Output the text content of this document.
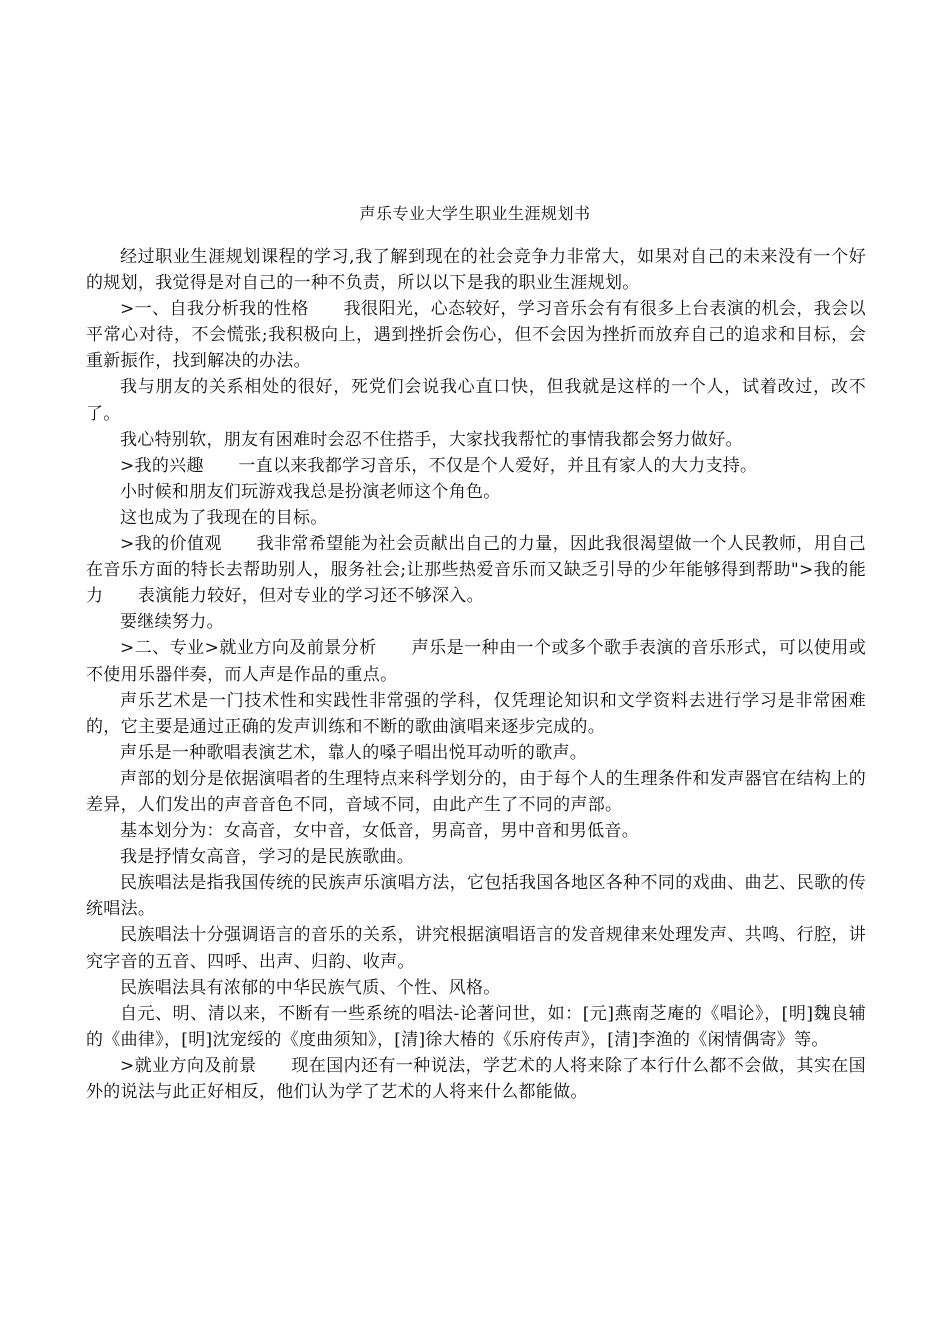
声乐专业大学生职业生涯规划书

经过职业生涯规划课程的学习,我了解到现在的社会竞争力非常大，如果对自己的未来没有一个好的规划，我觉得是对自己的一种不负责，所以以下是我的职业生涯规划。

>一、自我分析我的性格　　我很阳光，心态较好，学习音乐会有有很多上台表演的机会，我会以平常心对待，不会慌张;我积极向上，遇到挫折会伤心，但不会因为挫折而放弃自己的追求和目标，会重新振作，找到解决的办法。

我与朋友的关系相处的很好，死党们会说我心直口快，但我就是这样的一个人，试着改过，改不了。

我心特别软，朋友有困难时会忍不住搭手，大家找我帮忙的事情我都会努力做好。

>我的兴趣　　一直以来我都学习音乐，不仅是个人爱好，并且有家人的大力支持。

小时候和朋友们玩游戏我总是扮演老师这个角色。

这也成为了我现在的目标。

>我的价值观　　我非常希望能为社会贡献出自己的力量，因此我很渴望做一个人民教师，用自己在音乐方面的特长去帮助别人，服务社会;让那些热爱音乐而又缺乏引导的少年能够得到帮助">我的能力　　表演能力较好，但对专业的学习还不够深入。

要继续努力。

>二、专业>就业方向及前景分析　　声乐是一种由一个或多个歌手表演的音乐形式，可以使用或不使用乐器伴奏，而人声是作品的重点。

声乐艺术是一门技术性和实践性非常强的学科，仅凭理论知识和文学资料去进行学习是非常困难的，它主要是通过正确的发声训练和不断的歌曲演唱来逐步完成的。

声乐是一种歌唱表演艺术，靠人的嗓子唱出悦耳动听的歌声。

声部的划分是依据演唱者的生理特点来科学划分的，由于每个人的生理条件和发声器官在结构上的差异，人们发出的声音音色不同，音域不同，由此产生了不同的声部。

基本划分为：女高音，女中音，女低音，男高音，男中音和男低音。

我是抒情女高音，学习的是民族歌曲。

民族唱法是指我国传统的民族声乐演唱方法，它包括我国各地区各种不同的戏曲、曲艺、民歌的传统唱法。

民族唱法十分强调语言的音乐的关系，讲究根据演唱语言的发音规律来处理发声、共鸣、行腔，讲究字音的五音、四呼、出声、归韵、收声。

民族唱法具有浓郁的中华民族气质、个性、风格。

自元、明、清以来，不断有一些系统的唱法-论著问世，如：[元]燕南芝庵的《唱论》，[明]魏良辅的《曲律》，[明]沈宠绥的《度曲须知》，[清]徐大椿的《乐府传声》，[清]李渔的《闲情偶寄》等。

>就业方向及前景　　现在国内还有一种说法，学艺术的人将来除了本行什么都不会做，其实在国外的说法与此正好相反，他们认为学了艺术的人将来什么都能做。
